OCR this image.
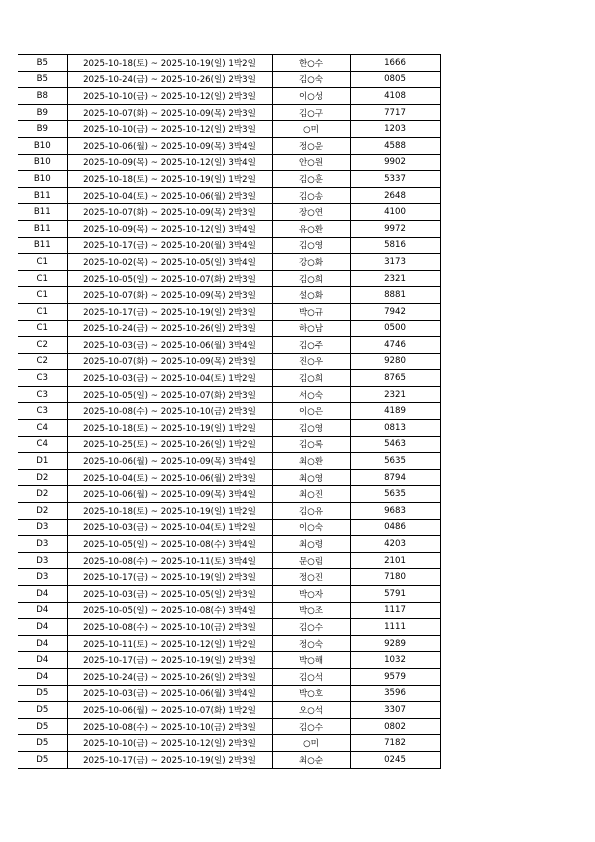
B5	2025-10-18(토) ~ 2025-10-19(일) 1박2일	한○수	1666
B5	2025-10-24(금) ~ 2025-10-26(일) 2박3일	김○숙	0805
B8	2025-10-10(금) ~ 2025-10-12(일) 2박3일	이○성	4108
B9	2025-10-07(화) ~ 2025-10-09(목) 2박3일	김○구	7717
B9	2025-10-10(금) ~ 2025-10-12(일) 2박3일	○미	1203
B10	2025-10-06(월) ~ 2025-10-09(목) 3박4일	정○운	4588
B10	2025-10-09(목) ~ 2025-10-12(일) 3박4일	안○원	9902
B10	2025-10-18(토) ~ 2025-10-19(일) 1박2일	김○훈	5337
B11	2025-10-04(토) ~ 2025-10-06(월) 2박3일	김○송	2648
B11	2025-10-07(화) ~ 2025-10-09(목) 2박3일	장○연	4100
B11	2025-10-09(목) ~ 2025-10-12(일) 3박4일	유○환	9972
B11	2025-10-17(금) ~ 2025-10-20(월) 3박4일	김○영	5816
C1	2025-10-02(목) ~ 2025-10-05(일) 3박4일	강○화	3173
C1	2025-10-05(일) ~ 2025-10-07(화) 2박3일	김○희	2321
C1	2025-10-07(화) ~ 2025-10-09(목) 2박3일	설○화	8881
C1	2025-10-17(금) ~ 2025-10-19(일) 2박3일	박○규	7942
C1	2025-10-24(금) ~ 2025-10-26(일) 2박3일	하○남	0500
C2	2025-10-03(금) ~ 2025-10-06(월) 3박4일	김○주	4746
C2	2025-10-07(화) ~ 2025-10-09(목) 2박3일	진○우	9280
C3	2025-10-03(금) ~ 2025-10-04(토) 1박2일	김○희	8765
C3	2025-10-05(일) ~ 2025-10-07(화) 2박3일	서○숙	2321
C3	2025-10-08(수) ~ 2025-10-10(금) 2박3일	이○은	4189
C4	2025-10-18(토) ~ 2025-10-19(일) 1박2일	김○영	0813
C4	2025-10-25(토) ~ 2025-10-26(일) 1박2일	김○록	5463
D1	2025-10-06(월) ~ 2025-10-09(목) 3박4일	최○환	5635
D2	2025-10-04(토) ~ 2025-10-06(월) 2박3일	최○영	8794
D2	2025-10-06(월) ~ 2025-10-09(목) 3박4일	최○진	5635
D2	2025-10-18(토) ~ 2025-10-19(일) 1박2일	김○유	9683
D3	2025-10-03(금) ~ 2025-10-04(토) 1박2일	이○숙	0486
D3	2025-10-05(일) ~ 2025-10-08(수) 3박4일	최○령	4203
D3	2025-10-08(수) ~ 2025-10-11(토) 3박4일	문○림	2101
D3	2025-10-17(금) ~ 2025-10-19(일) 2박3일	정○진	7180
D4	2025-10-03(금) ~ 2025-10-05(일) 2박3일	박○자	5791
D4	2025-10-05(일) ~ 2025-10-08(수) 3박4일	박○조	1117
D4	2025-10-08(수) ~ 2025-10-10(금) 2박3일	김○수	1111
D4	2025-10-11(토) ~ 2025-10-12(일) 1박2일	정○숙	9289
D4	2025-10-17(금) ~ 2025-10-19(일) 2박3일	박○해	1032
D4	2025-10-24(금) ~ 2025-10-26(일) 2박3일	김○석	9579
D5	2025-10-03(금) ~ 2025-10-06(월) 3박4일	박○호	3596
D5	2025-10-06(월) ~ 2025-10-07(화) 1박2일	오○석	3307
D5	2025-10-08(수) ~ 2025-10-10(금) 2박3일	김○수	0802
D5	2025-10-10(금) ~ 2025-10-12(일) 2박3일	○미	7182
D5	2025-10-17(금) ~ 2025-10-19(일) 2박3일	최○순	0245
